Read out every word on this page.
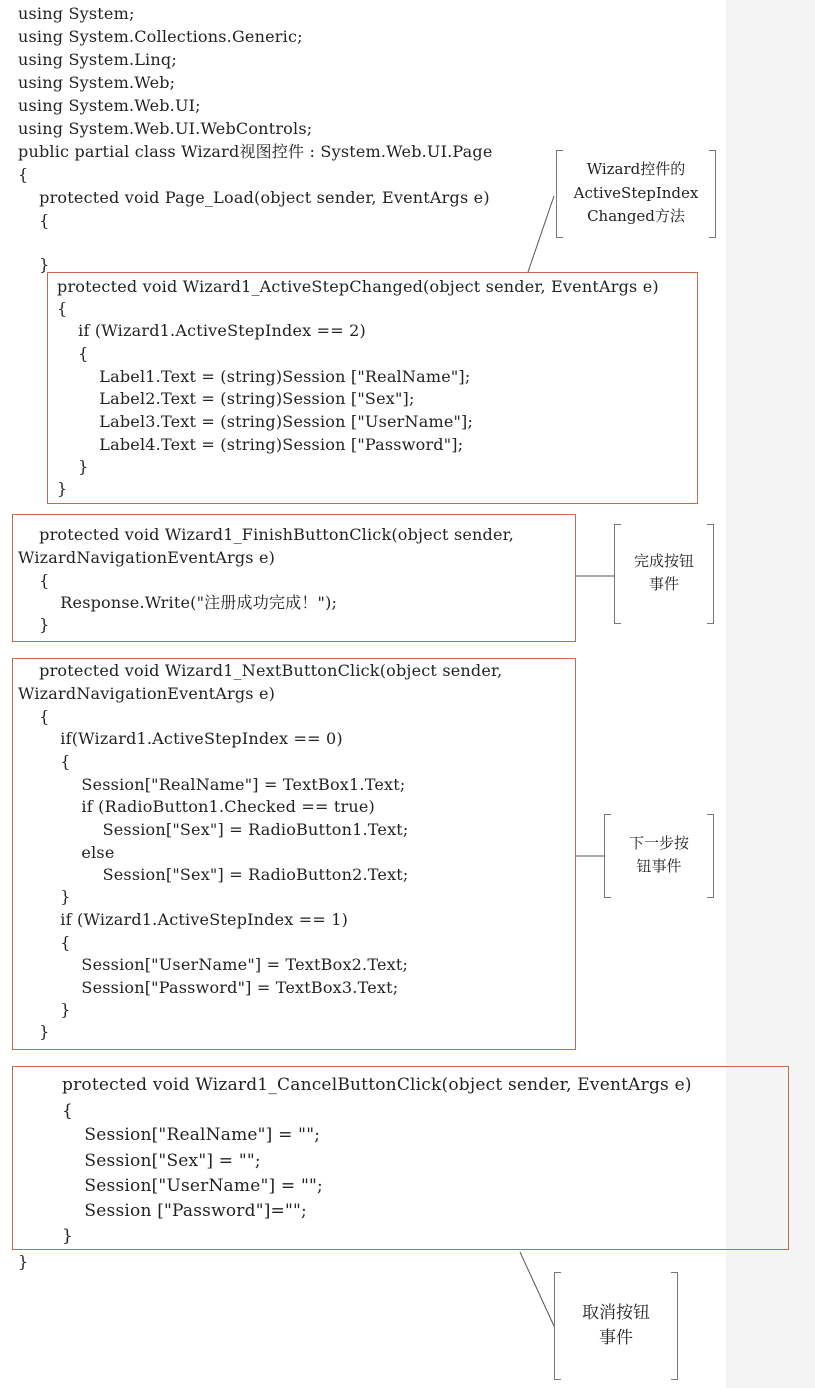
using System;

using System.Collections.Generic;

using System.Linq;

using System.Web;

using System.Web.UI;

using System.Web.UI.WebControls;

public partial class Wizard视图控件 : System.Web.UI.Page

{

protected void Page_Load(object sender, EventArgs e)

{

}

protected void Wizard1_ActiveStepChanged(object sender, EventArgs e)

{

if (Wizard1.ActiveStepIndex == 2)

{

Label1.Text = (string)Session ["RealName"];

Label2.Text = (string)Session ["Sex"];

Label3.Text = (string)Session ["UserName"];

Label4.Text = (string)Session ["Password"];

}

}

Wizard控件的
ActiveStepIndex
Changed方法

protected void Wizard1_FinishButtonClick(object sender,

WizardNavigationEventArgs e)

{

Response.Write("注册成功完成！");

}

完成按钮
事件

protected void Wizard1_NextButtonClick(object sender,

WizardNavigationEventArgs e)

{

if(Wizard1.ActiveStepIndex == 0)

{

Session["RealName"] = TextBox1.Text;

if (RadioButton1.Checked == true)

Session["Sex"] = RadioButton1.Text;

else

Session["Sex"] = RadioButton2.Text;

}

if (Wizard1.ActiveStepIndex == 1)

{

Session["UserName"] = TextBox2.Text;

Session["Password"] = TextBox3.Text;

}

}

下一步按
钮事件

protected void Wizard1_CancelButtonClick(object sender, EventArgs e)

{

Session["RealName"] = "";

Session["Sex"] = "";

Session["UserName"] = "";

Session ["Password"]="";

}

}

取消按钮
事件
